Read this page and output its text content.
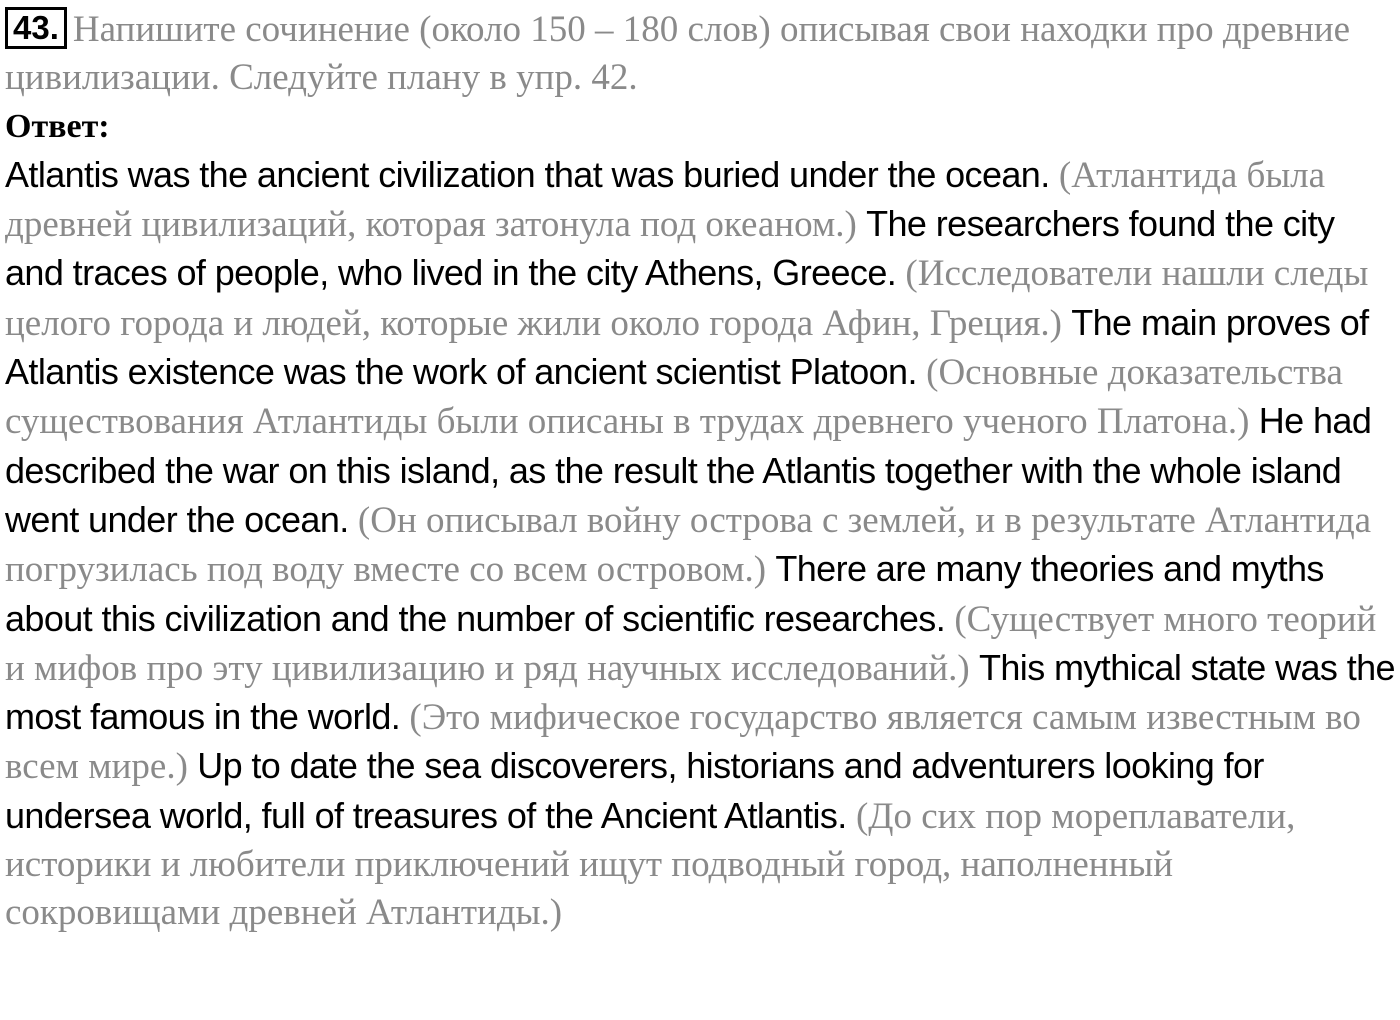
43. Напишите сочинение (около 150 – 180 слов) описывая свои находки про древние цивилизации. Следуйте плану в упр. 42.

Ответ:

Atlantis was the ancient civilization that was buried under the ocean. (Атлантида была древней цивилизаций, которая затонула под океаном.) The researchers found the city and traces of people, who lived in the city Athens, Greece. (Исследователи нашли следы целого города и людей, которые жили около города Афин, Греция.) The main proves of Atlantis existence was the work of ancient scientist Platoon. (Основные доказательства существования Атлантиды были описаны в трудах древнего ученого Платона.) He had described the war on this island, as the result the Atlantis together with the whole island went under the ocean. (Он описывал войну острова с землей, и в результате Атлантида погрузилась под воду вместе со всем островом.) There are many theories and myths about this civilization and the number of scientific researches. (Существует много теорий и мифов про эту цивилизацию и ряд научных исследований.) This mythical state was the most famous in the world. (Это мифическое государство является самым известным во всем мире.) Up to date the sea discoverers, historians and adventurers looking for undersea world, full of treasures of the Ancient Atlantis. (До сих пор мореплаватели, историки и любители приключений ищут подводный город, наполненный сокровищами древней Атлантиды.)
